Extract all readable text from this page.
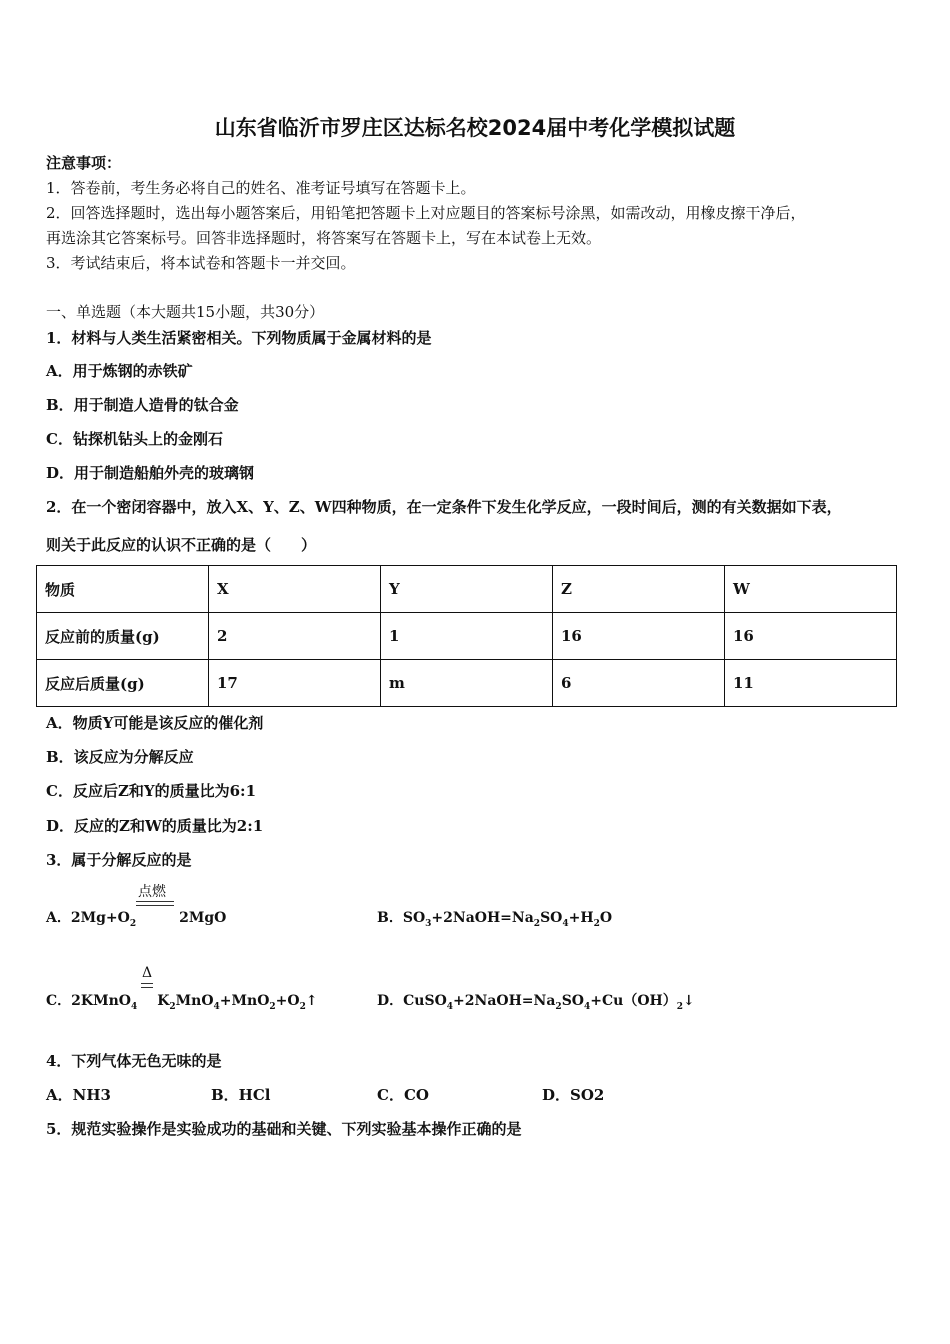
山东省临沂市罗庄区达标名校2024届中考化学模拟试题
注意事项：
1．答卷前，考生务必将自己的姓名、准考证号填写在答题卡上。
2．回答选择题时，选出每小题答案后，用铅笔把答题卡上对应题目的答案标号涂黑，如需改动，用橡皮擦干净后，
再选涂其它答案标号。回答非选择题时，将答案写在答题卡上，写在本试卷上无效。
3．考试结束后，将本试卷和答题卡一并交回。
一、单选题（本大题共15小题，共30分）
1．材料与人类生活紧密相关。下列物质属于金属材料的是
A．用于炼钢的赤铁矿
B．用于制造人造骨的钛合金
C．钻探机钻头上的金刚石
D．用于制造船舶外壳的玻璃钢
2．在一个密闭容器中，放入X、Y、Z、W四种物质，在一定条件下发生化学反应，一段时间后，测的有关数据如下表，
则关于此反应的认识不正确的是（　　）
物质	X	Y	Z	W
反应前的质量(g)	2	1	16	16
反应后质量(g)	17	m	6	11
A．物质Y可能是该反应的催化剂
B．该反应为分解反应
C．反应后Z和Y的质量比为6:1
D．反应的Z和W的质量比为2:1
3．属于分解反应的是
点燃
A．$2Mg+O_2$	2MgO	B．$SO_3+2NaOH=Na_2SO_4+H_2O$
Δ
C．2KMnO$_4$ $K_2MnO_4+MnO_2+O_2↑$	D．$CuSO_4+2NaOH=Na_2SO_4+Cu(OH)_2↓$
4．下列气体无色无味的是
A．NH3	B．HCl	C．CO	D．SO2
5．规范实验操作是实验成功的基础和关键、下列实验基本操作正确的是
